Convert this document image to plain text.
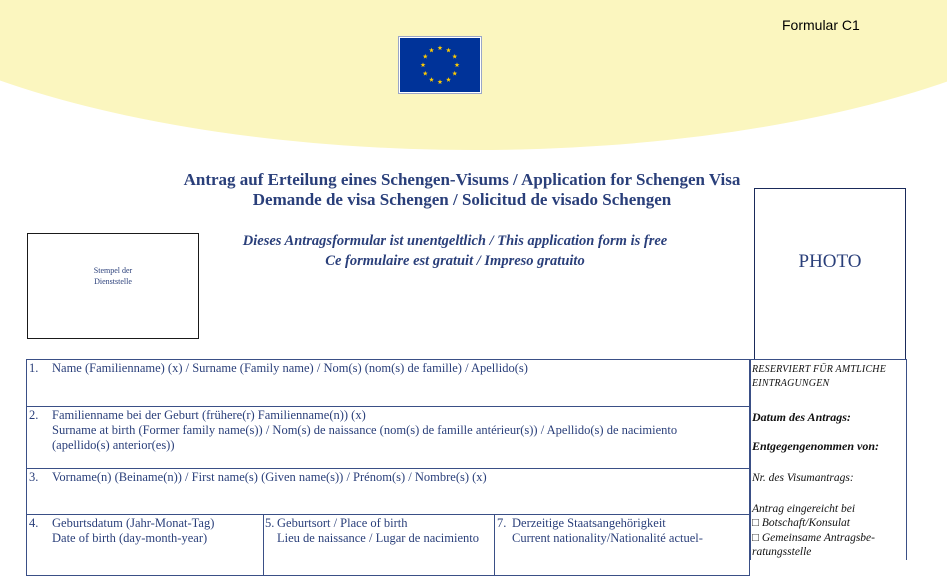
Formular C1
Antrag auf Erteilung eines Schengen-Visums / Application for Schengen Visa
Demande de visa Schengen / Solicitud de visado Schengen
Stempel der
Dienststelle
Dieses Antragsformular ist unentgeltlich / This application form is free
Ce formulaire est gratuit / Impreso gratuito	PHOTO
1. Name (Familienname) (x) / Surname (Family name) / Nom(s) (nom(s) de famille) / Apellido(s)
2. Familienname bei der Geburt (frühere(r) Familienname(n)) (x)
Surname at birth (Former family name(s)) / Nom(s) de naissance (nom(s) de famille antérieur(s)) / Apellido(s) de nacimiento
(apellido(s) anterior(es))
3. Vorname(n) (Beiname(n)) / First name(s) (Given name(s)) / Prénom(s) / Nombre(s) (x)
4. Geburtsdatum (Jahr-Monat-Tag)
Date of birth (day-month-year)
5. Geburtsort / Place of birth
Lieu de naissance / Lugar de nacimiento
7. Derzeitige Staatsangehörigkeit
Current nationality/Nationalité actuel-
RESERVIERT FÜR AMTLICHE
EINTRAGUNGEN
Datum des Antrags:
Entgegengenommen von:
Nr. des Visumantrags:
Antrag eingereicht bei
□ Botschaft/Konsulat
□ Gemeinsame Antragsbe-
ratungsstelle
